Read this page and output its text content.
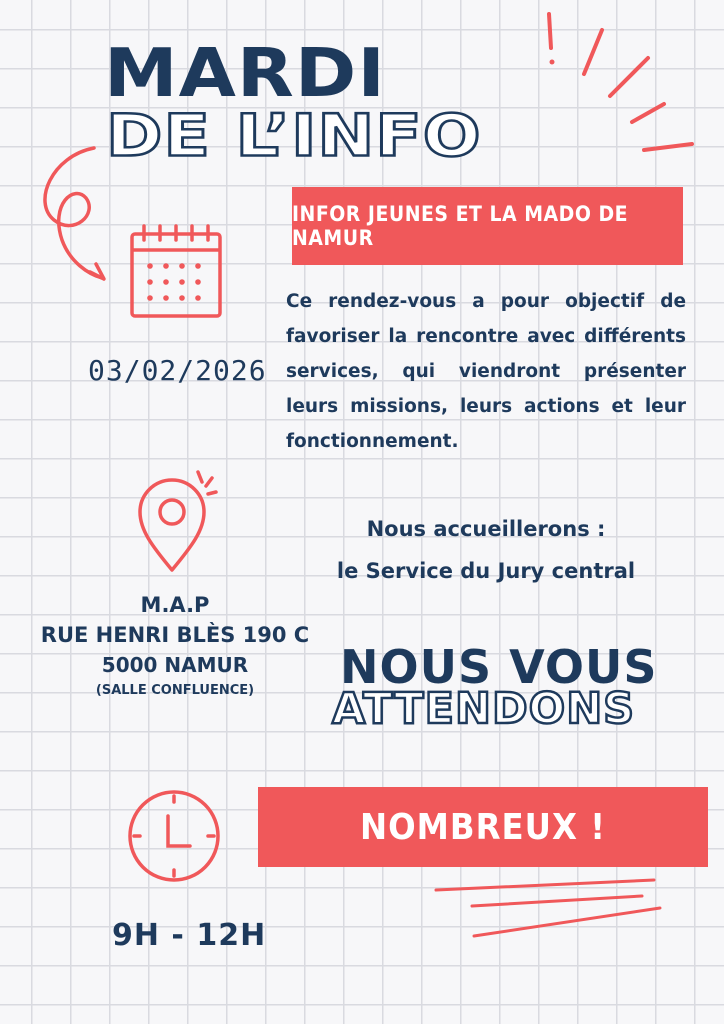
MARDI
DE L’INFO
INFOR JEUNES ET LA MADO DE NAMUR
Ce rendez-vous a pour objectif de favoriser la rencontre avec différents services, qui viendront présenter leurs missions, leurs actions et leur fonctionnement.
03/02/2026
Nous accueillerons :
le Service du Jury central
M.A.P
RUE HENRI BLÈS 190 C
5000 NAMUR
(SALLE CONFLUENCE)	NOUS VOUS
ATTENDONS
NOMBREUX !
9H - 12H
